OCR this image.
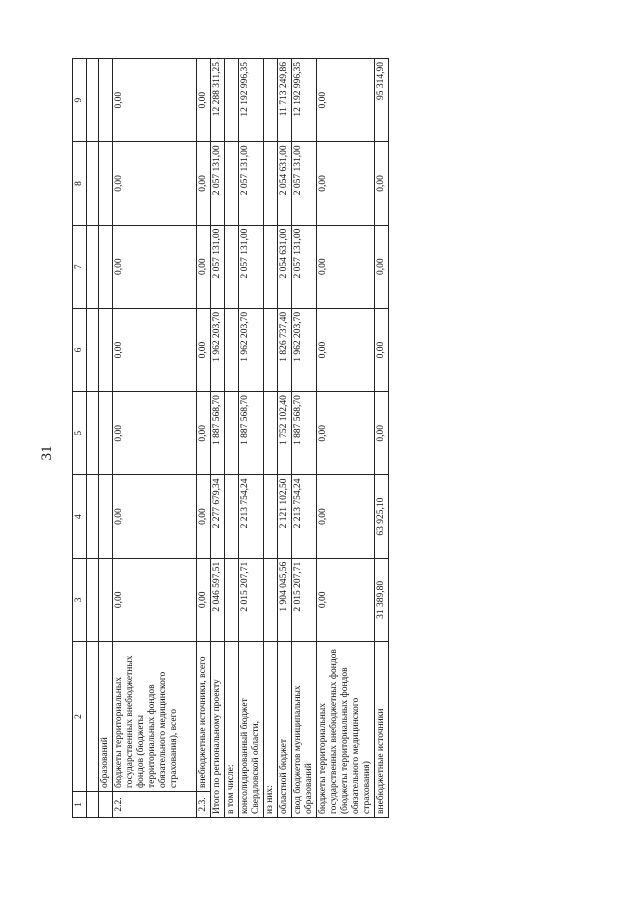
31
1	2	3	4	5	6	7	8	9

	образований							
2.2.	бюджеты территориальных государственных внебюджетных фондов (бюджеты территориальных фондов обязательного медицинского страхования), всего	0,00	0,00	0,00	0,00	0,00	0,00	0,00
2.3.	внебюджетные источники, всего	0,00	0,00	0,00	0,00	0,00	0,00	0,00
Итого по региональному проекту		2 046 597,51	2 277 679,34	1 887 568,70	1 962 203,70	2 057 131,00	2 057 131,00	12 288 311,25
в том числе:								
консолидированный бюджет Свердловской области,		2 015 207,71	2 213 754,24	1 887 568,70	1 962 203,70	2 057 131,00	2 057 131,00	12 192 996,35
из них:								
областной бюджет		1 904 045,56	2 121 102,50	1 752 102,40	1 826 737,40	2 054 631,00	2 054 631,00	11 713 249,86
свод бюджетов муниципальных образований		2 015 207,71	2 213 754,24	1 887 568,70	1 962 203,70	2 057 131,00	2 057 131,00	12 192 996,35
бюджеты территориальных государственных внебюджетных фондов (бюджеты территориальных фондов обязательного медицинского страхования)		0,00	0,00	0,00	0,00	0,00	0,00	0,00
внебюджетные источники		31 389,80	63 925,10	0,00	0,00	0,00	0,00	95 314,90
